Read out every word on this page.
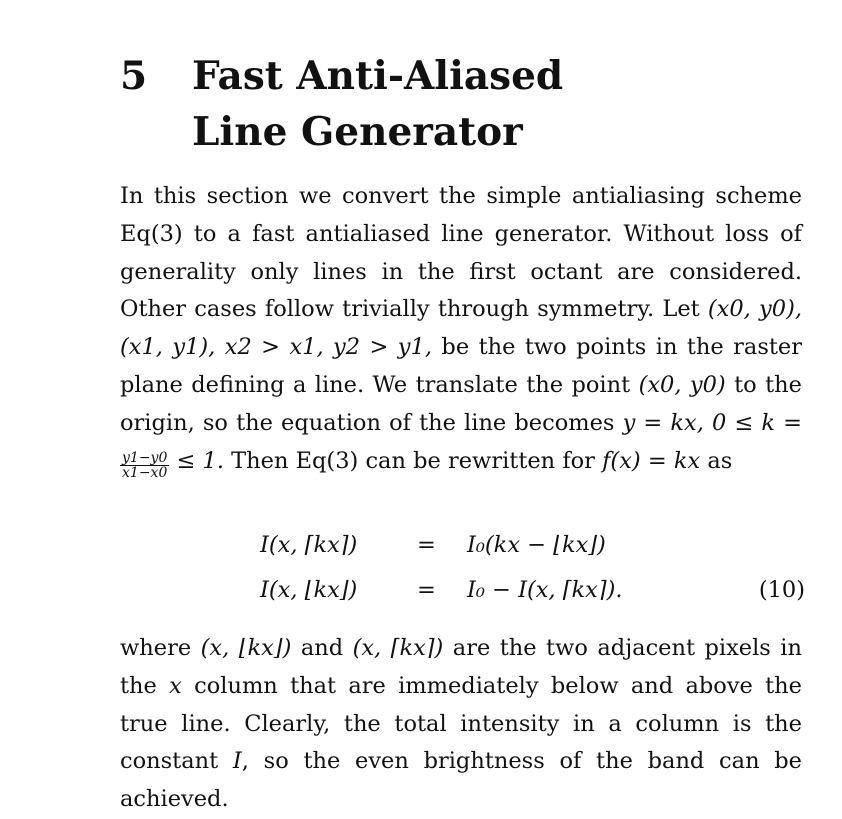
5	Fast Anti-Aliased Line Generator

In this section we convert the simple antialiasing scheme Eq(3) to a fast antialiased line generator. Without loss of generality only lines in the first octant are considered. Other cases follow trivially through symmetry. Let (x0, y0), (x1, y1), x2 > x1, y2 > y1, be the two points in the raster plane defining a line. We translate the point (x0, y0) to the origin, so the equation of the line becomes y = kx, 0 ≤ k =
$\frac{y1-y0}{x1-x0} \le 1$. Then Eq(3) can be rewritten for f(x) = kx as

I(x, ⌈kx⌉)	= I₀(kx − ⌊kx⌋)
I(x, ⌊kx⌋)	= I₀ − I(x, ⌈kx⌉).	(10)

where (x, ⌊kx⌋) and (x, ⌈kx⌉) are the two adjacent pixels in the x column that are immediately below and above the true line. Clearly, the total intensity in a column is the constant I, so the even brightness of the band can be achieved.
